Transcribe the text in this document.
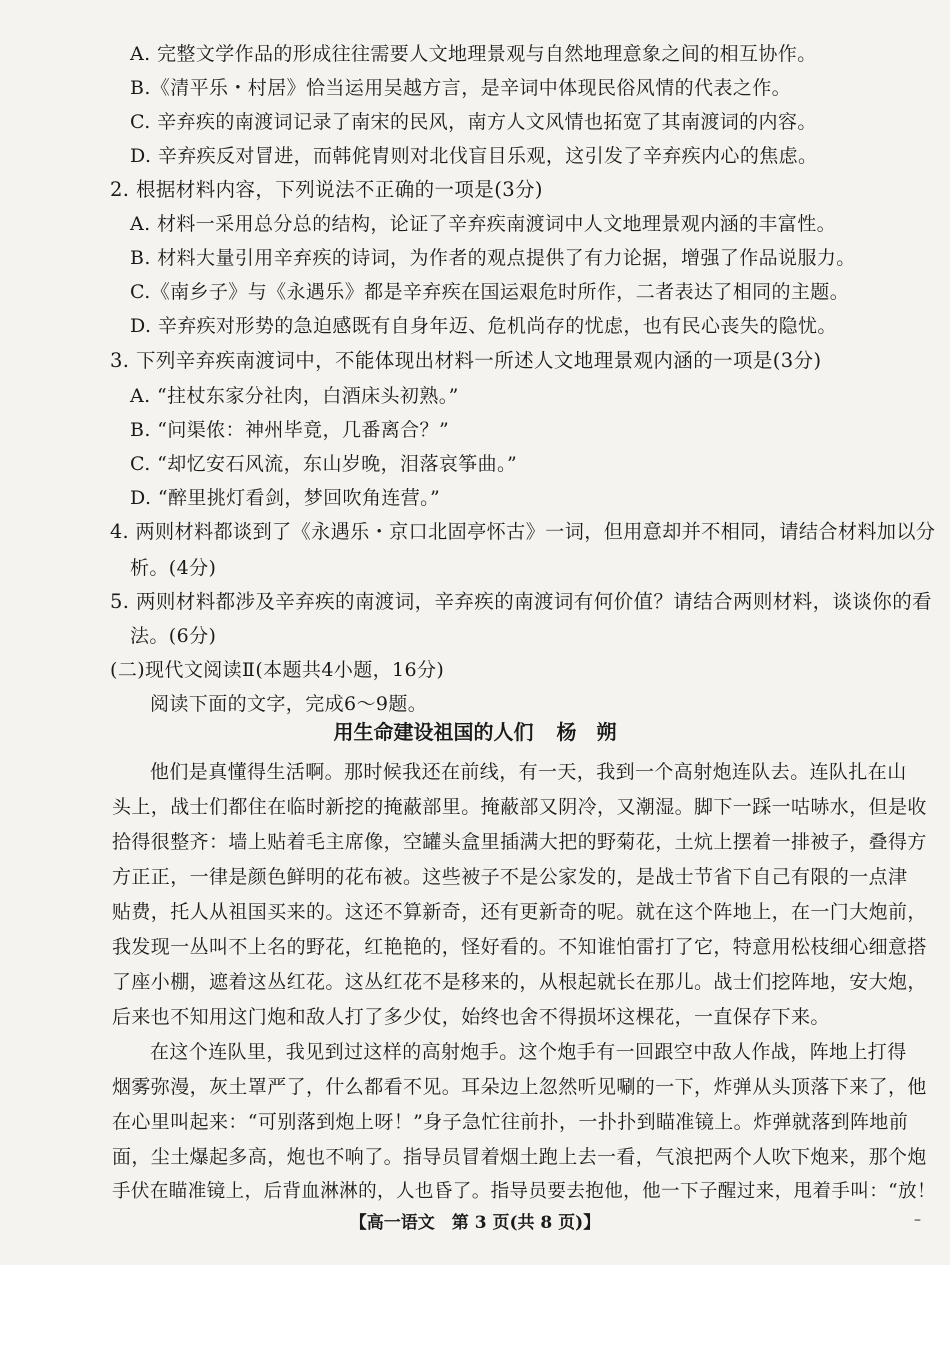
A. 完整文学作品的形成往往需要人文地理景观与自然地理意象之间的相互协作。
B.《清平乐・村居》恰当运用吴越方言，是辛词中体现民俗风情的代表之作。
C. 辛弃疾的南渡词记录了南宋的民风，南方人文风情也拓宽了其南渡词的内容。
D. 辛弃疾反对冒进，而韩侂胄则对北伐盲目乐观，这引发了辛弃疾内心的焦虑。
2. 根据材料内容，下列说法不正确的一项是(3分)
A. 材料一采用总分总的结构，论证了辛弃疾南渡词中人文地理景观内涵的丰富性。
B. 材料大量引用辛弃疾的诗词，为作者的观点提供了有力论据，增强了作品说服力。
C.《南乡子》与《永遇乐》都是辛弃疾在国运艰危时所作，二者表达了相同的主题。
D. 辛弃疾对形势的急迫感既有自身年迈、危机尚存的忧虑，也有民心丧失的隐忧。
3. 下列辛弃疾南渡词中，不能体现出材料一所述人文地理景观内涵的一项是(3分)
A. “拄杖东家分社肉，白酒床头初熟。”
B. “问渠侬：神州毕竟，几番离合？”
C. “却忆安石风流，东山岁晚，泪落哀筝曲。”
D. “醉里挑灯看剑，梦回吹角连营。”
4. 两则材料都谈到了《永遇乐・京口北固亭怀古》一词，但用意却并不相同，请结合材料加以分
析。(4分)
5. 两则材料都涉及辛弃疾的南渡词，辛弃疾的南渡词有何价值？请结合两则材料，谈谈你的看
法。(6分)
(二)现代文阅读Ⅱ(本题共4小题，16分)
阅读下面的文字，完成6～9题。
用生命建设祖国的人们 杨　朔
他们是真懂得生活啊。那时候我还在前线，有一天，我到一个高射炮连队去。连队扎在山
头上，战士们都住在临时新挖的掩蔽部里。掩蔽部又阴冷，又潮湿。脚下一踩一咕哧水，但是收
拾得很整齐：墙上贴着毛主席像，空罐头盒里插满大把的野菊花，土炕上摆着一排被子，叠得方
方正正，一律是颜色鲜明的花布被。这些被子不是公家发的，是战士节省下自己有限的一点津
贴费，托人从祖国买来的。这还不算新奇，还有更新奇的呢。就在这个阵地上，在一门大炮前，
我发现一丛叫不上名的野花，红艳艳的，怪好看的。不知谁怕雷打了它，特意用松枝细心细意搭
了座小棚，遮着这丛红花。这丛红花不是移来的，从根起就长在那儿。战士们挖阵地，安大炮，
后来也不知用这门炮和敌人打了多少仗，始终也舍不得损坏这棵花，一直保存下来。
在这个连队里，我见到过这样的高射炮手。这个炮手有一回跟空中敌人作战，阵地上打得
烟雾弥漫，灰土罩严了，什么都看不见。耳朵边上忽然听见唰的一下，炸弹从头顶落下来了，他
在心里叫起来：“可别落到炮上呀！”身子急忙往前扑，一扑扑到瞄准镜上。炸弹就落到阵地前
面，尘土爆起多高，炮也不响了。指导员冒着烟土跑上去一看，气浪把两个人吹下炮来，那个炮
手伏在瞄准镜上，后背血淋淋的，人也昏了。指导员要去抱他，他一下子醒过来，甩着手叫：“放！
【高一语文　第 3 页(共 8 页)】	–
